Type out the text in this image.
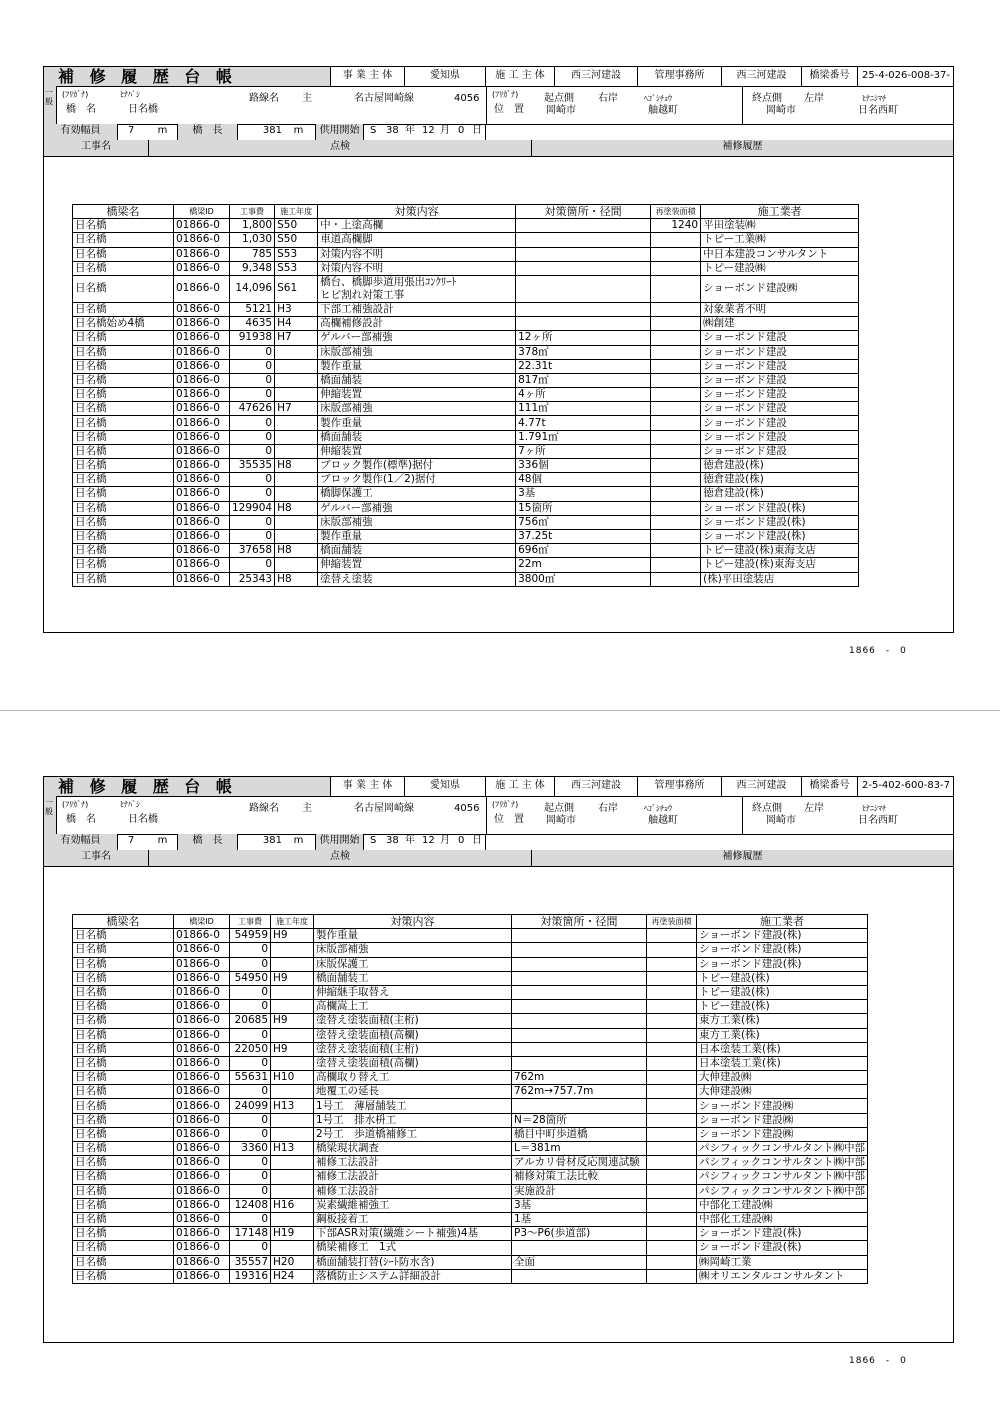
補 修 履 歴 台 帳	事 業 主 体	愛知県	施 工 主 体	西三河建設	管理事務所	西三河建設	橋梁番号	25-4-026-008-37-
一般
(ﾌﾘｶﾞﾅ)	ﾋﾅﾊﾞｼ
橋　名	日名橋
路線名	主	名古屋岡崎線	4056	(ﾌﾘｶﾞﾅ)
位　置
起点側	右岸	ﾍｺﾞｼﾁｮｳ
岡崎市	舳越町
終点側	左岸	ﾋﾅﾆｼﾏﾁ
岡崎市	日名西町
有効幅員	7	m	橋　長	381	m	供用開始	S 38 年 12 月 0 日
工事名	点検	補修履歴
橋梁名	橋梁ID	工事費	施工年度	対策内容	対策箇所・径間	再塗装面積	施工業者
日名橋	01866-0	1,800	S50	中・上塗高欄		1240	平田塗装㈱
日名橋	01866-0	1,030	S50	車道高欄脚			トピー工業㈱
日名橋	01866-0	785	S53	対策内容不明			中日本建設コンサルタント
日名橋	01866-0	9,348	S53	対策内容不明			トピー建設㈱
日名橋	01866-0	14,096	S61	橋台、橋脚歩道用張出ｺﾝｸﾘｰﾄ
ヒビ割れ対策工事			ショーボンド建設㈱
日名橋	01866-0	5121	H3	下部工補強設計			対象業者不明
日名橋始め4橋	01866-0	4635	H4	高欄補修設計			㈱創建
日名橋	01866-0	91938	H7	ゲルバー部補強	12ヶ所		ショーボンド建設
日名橋	01866-0	0		床版部補強	378㎡		ショーボンド建設
日名橋	01866-0	0		製作重量	22.31t		ショーボンド建設
日名橋	01866-0	0		橋面舗装	817㎡		ショーボンド建設
日名橋	01866-0	0		伸縮装置	4ヶ所		ショーボンド建設
日名橋	01866-0	47626	H7	床版部補強	111㎡		ショーボンド建設
日名橋	01866-0	0		製作重量	4.77t		ショーボンド建設
日名橋	01866-0	0		橋面舗装	1.791㎡		ショーボンド建設
日名橋	01866-0	0		伸縮装置	7ヶ所		ショーボンド建設
日名橋	01866-0	35535	H8	ブロック製作(標準)据付	336個		徳倉建設(株)
日名橋	01866-0	0		ブロック製作(1／2)据付	48個		徳倉建設(株)
日名橋	01866-0	0		橋脚保護工	3基		徳倉建設(株)
日名橋	01866-0	129904	H8	ゲルバー部補強	15箇所		ショーボンド建設(株)
日名橋	01866-0	0		床版部補強	756㎡		ショーボンド建設(株)
日名橋	01866-0	0		製作重量	37.25t		ショーボンド建設(株)
日名橋	01866-0	37658	H8	橋面舗装	696㎡		トピー建設(株)東海支店
日名橋	01866-0	0		伸縮装置	22m		トピー建設(株)東海支店
日名橋	01866-0	25343	H8	塗替え塗装	3800㎡		(株)平田塗装店
1866　-　0
補 修 履 歴 台 帳	事 業 主 体	愛知県	施 工 主 体	西三河建設	管理事務所	西三河建設	橋梁番号	2-5-402-600-83-7
一般
(ﾌﾘｶﾞﾅ)	ﾋﾅﾊﾞｼ
橋　名	日名橋
路線名	主	名古屋岡崎線	4056	(ﾌﾘｶﾞﾅ)
位　置
起点側	右岸	ﾍｺﾞｼﾁｮｳ
岡崎市	舳越町
終点側	左岸	ﾋﾅﾆｼﾏﾁ
岡崎市	日名西町
有効幅員	7	m	橋　長	381	m	供用開始	S 38 年 12 月 0 日
工事名	点検	補修履歴
橋梁名	橋梁ID	工事費	施工年度	対策内容	対策箇所・径間	再塗装面積	施工業者
日名橋	01866-0	54959	H9	製作重量			ショーボンド建設(株)
日名橋	01866-0	0		床版部補強			ショーボンド建設(株)
日名橋	01866-0	0		床版保護工			ショーボンド建設(株)
日名橋	01866-0	54950	H9	橋面舗装工			トピー建設(株)
日名橋	01866-0	0		伸縮継手取替え			トピー建設(株)
日名橋	01866-0	0		高欄嵩上工			トピー建設(株)
日名橋	01866-0	20685	H9	塗替え塗装面積(主桁)			東方工業(株)
日名橋	01866-0	0		塗替え塗装面積(高欄)			東方工業(株)
日名橋	01866-0	22050	H9	塗替え塗装面積(主桁)			日本塗装工業(株)
日名橋	01866-0	0		塗替え塗装面積(高欄)			日本塗装工業(株)
日名橋	01866-0	55631	H10	高欄取り替え工	762m		大伸建設㈱
日名橋	01866-0	0		地覆工の延長	762m→757.7m		大伸建設㈱
日名橋	01866-0	24099	H13	1号工　薄層舗装工			ショーボンド建設㈱
日名橋	01866-0	0		1号工　排水枡工	N＝28箇所		ショーボンド建設㈱
日名橋	01866-0	0		2号工　歩道橋補修工	橋目中町歩道橋		ショーボンド建設㈱
日名橋	01866-0	3360	H13	橋梁現状調査	L＝381m		パシフィックコンサルタント㈱中部
日名橋	01866-0	0		補修工法設計	アルカリ骨材反応関連試験		パシフィックコンサルタント㈱中部
日名橋	01866-0	0		補修工法設計	補修対策工法比較		パシフィックコンサルタント㈱中部
日名橋	01866-0	0		補修工法設計	実施設計		パシフィックコンサルタント㈱中部
日名橋	01866-0	12408	H16	炭素繊維補強工	3基		中部化工建設㈱
日名橋	01866-0	0		鋼板接着工	1基		中部化工建設㈱
日名橋	01866-0	17148	H19	下部ASR対策(繊維シート補強)4基	P3～P6(歩道部)		ショーボンド建設(株)
日名橋	01866-0	0		橋梁補修工　1式			ショーボンド建設(株)
日名橋	01866-0	35557	H20	橋面舗装打替(ｼｰﾄ防水含)	全面		㈱岡崎工業
日名橋	01866-0	19316	H24	落橋防止システム詳細設計			㈱オリエンタルコンサルタント
1866　-　0
